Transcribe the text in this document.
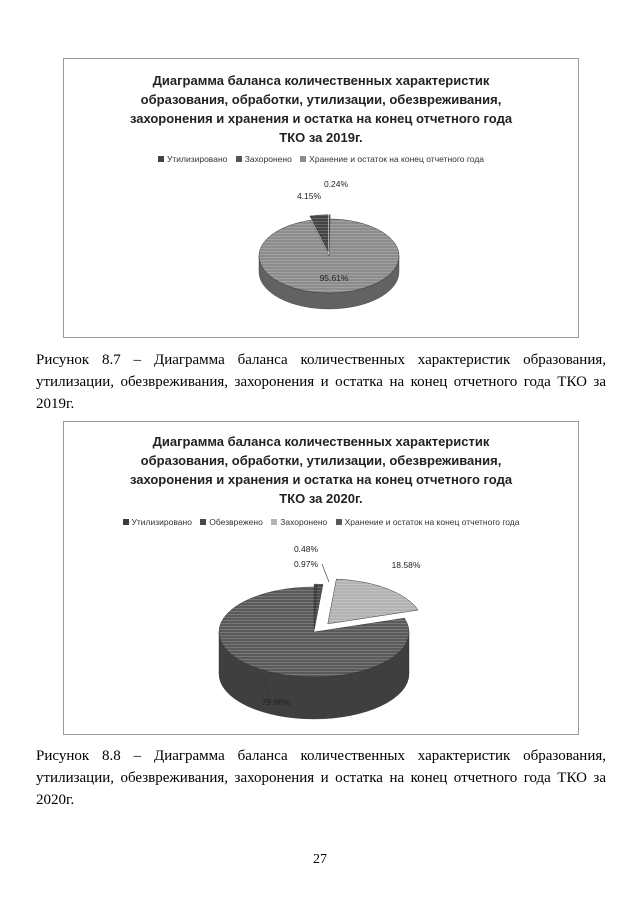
Диаграмма баланса количественных характеристик
образования, обработки, утилизации, обезвреживания,
захоронения и хранения и остатка на конец отчетного года
ТКО за 2019г.
Утилизировано Захоронено Хранение и остаток на конец отчетного года
4.15%
0.24%
95.61%
Рисунок 8.7 – Диаграмма баланса количественных характеристик образования, утилизации, обезвреживания, захоронения и остатка на конец отчетного года ТКО за 2019г.
Диаграмма баланса количественных характеристик
образования, обработки, утилизации, обезвреживания,
захоронения и хранения и остатка на конец отчетного года
ТКО за 2020г.
Утилизировано Обезврежено Захоронено Хранение и остаток на конец отчетного года
0.48%
0.97%	18.58%
79.96%
Рисунок 8.8 – Диаграмма баланса количественных характеристик образования, утилизации, обезвреживания, захоронения и остатка на конец отчетного года ТКО за 2020г.
27
